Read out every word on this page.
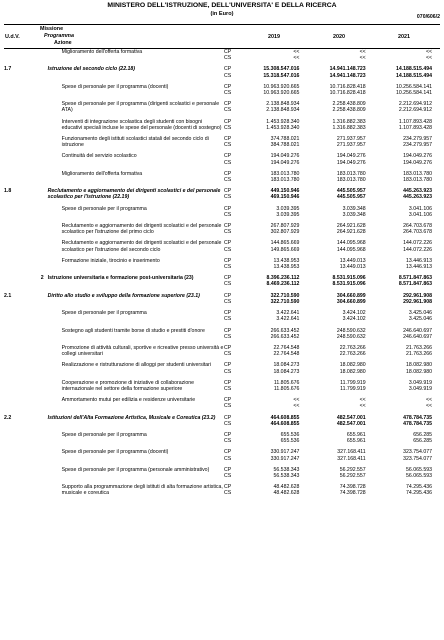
MINISTERO DELL'ISTRUZIONE, DELL'UNIVERSITA' E DELLA RICERCA
(in Euro)	070/606/2
U.d.V.
Missione
Programma
Azione
2019	2020	2021
		Miglioramento dell'offerta formativa	CP	<<	<<	<<
			CS	<<	<<	<<

1.7		Istruzione del secondo ciclo (22.18)	CP	15.308.547.016	14.941.148.723	14.188.515.494
			CS	15.318.547.016	14.941.148.723	14.188.515.494

		Spese di personale per il programma (docenti)	CP	10.963.920.665	10.716.828.418	10.256.584.141
			CS	10.963.920.665	10.716.828.418	10.256.584.141

		Spese di personale per il programma (dirigenti scolastici e personale ATA)	CP	2.138.848.934	2.258.438.809	2.212.694.912
			CS	2.138.848.934	2.258.438.809	2.212.694.912

		Interventi di integrazione scolastica degli studenti con bisogni educativi speciali incluse le spese del personale (docenti di sostegno)	CP	1.453.928.340	1.316.882.383	1.107.893.428
			CS	1.453.928.340	1.316.882.383	1.107.893.428

		Funzionamento degli istituti scolastici statali del secondo ciclo di istruzione	CP	374.788.021	271.937.957	234.279.957
			CS	384.788.021	271.937.957	234.279.957

		Continuità del servizio scolastico	CP	194.049.276	194.049.276	194.049.276
			CS	194.049.276	194.049.276	194.049.276

		Miglioramento dell'offerta formativa	CP	183.013.780	183.013.780	183.013.780
			CS	183.013.780	183.013.780	183.013.780

1.8		Reclutamento e aggiornamento dei dirigenti scolastici e del personale scolastico per l'istruzione (22.19)	CP	449.150.946	445.505.957	445.263.923
			CS	469.150.946	445.505.957	445.263.923

		Spese di personale per il programma	CP	3.039.395	3.039.348	3.041.106
			CS	3.039.395	3.039.348	3.041.106

		Reclutamento e aggiornamento dei dirigenti scolastici e del personale scolastico per l'istruzione del primo ciclo	CP	267.807.929	264.921.628	264.703.678
			CS	302.807.929	264.921.628	264.703.678

		Reclutamento e aggiornamento dei dirigenti scolastici e del personale scolastico per l'istruzione del secondo ciclo	CP	144.865.669	144.095.968	144.072.226
			CS	149.865.669	144.095.968	144.072.226

		Formazione iniziale, tirocinio e inserimento	CP	13.438.953	13.449.013	13.446.913
			CS	13.438.953	13.449.013	13.446.913

	2	Istruzione universitaria e formazione post-universitaria (23)	CP	8.396.236.112	8.531.915.096	8.571.847.863
			CS	8.469.236.112	8.531.915.096	8.571.847.863

2.1		Diritto allo studio e sviluppo della formazione superiore (23.1)	CP	322.710.590	304.660.899	292.961.908
			CS	322.710.590	304.660.899	292.961.908

		Spese di personale per il programma	CP	3.422.641	3.424.102	3.425.046
			CS	3.422.641	3.424.102	3.425.046

		Sostegno agli studenti tramite borse di studio e prestiti d'onore	CP	266.633.452	248.590.632	246.640.697
			CS	266.633.452	248.590.632	246.640.697

		Promozione di attività culturali, sportive e ricreative presso università e collegi universitari	CP	22.764.548	22.763.266	21.763.266
			CS	22.764.548	22.763.266	21.763.266

		Realizzazione e ristrutturazione di alloggi per studenti universitari	CP	18.084.273	18.082.980	18.082.980
			CS	18.084.273	18.082.980	18.082.980

		Cooperazione e promozione di iniziative di collaborazione internazionale nel settore della formazione superiore	CP	11.805.676	11.799.919	3.049.919
			CS	11.805.676	11.799.919	3.049.919

		Ammortamento mutui per edilizia e residenze universitarie	CP	<<	<<	<<
			CS	<<	<<	<<

2.2		Istituzioni dell'Alta Formazione Artistica, Musicale e Coreutica (23.2)	CP	464.608.855	482.547.001	478.784.735
			CS	464.608.855	482.547.001	478.784.735

		Spese di personale per il programma	CP	655.536	655.961	656.285
			CS	655.536	655.961	656.285

		Spese di personale per il programma (docenti)	CP	330.917.247	327.168.411	323.754.077
			CS	330.917.247	327.168.411	323.754.077

		Spese di personale per il programma (personale amministrativo)	CP	56.538.343	56.292.557	56.065.593
			CS	56.538.343	56.292.557	56.065.593

		Supporto alla programmazione degli istituti di alta formazione artistica, musicale e coreutica	CP	48.482.628	74.398.728	74.295.436
			CS	48.482.628	74.398.728	74.295.436
